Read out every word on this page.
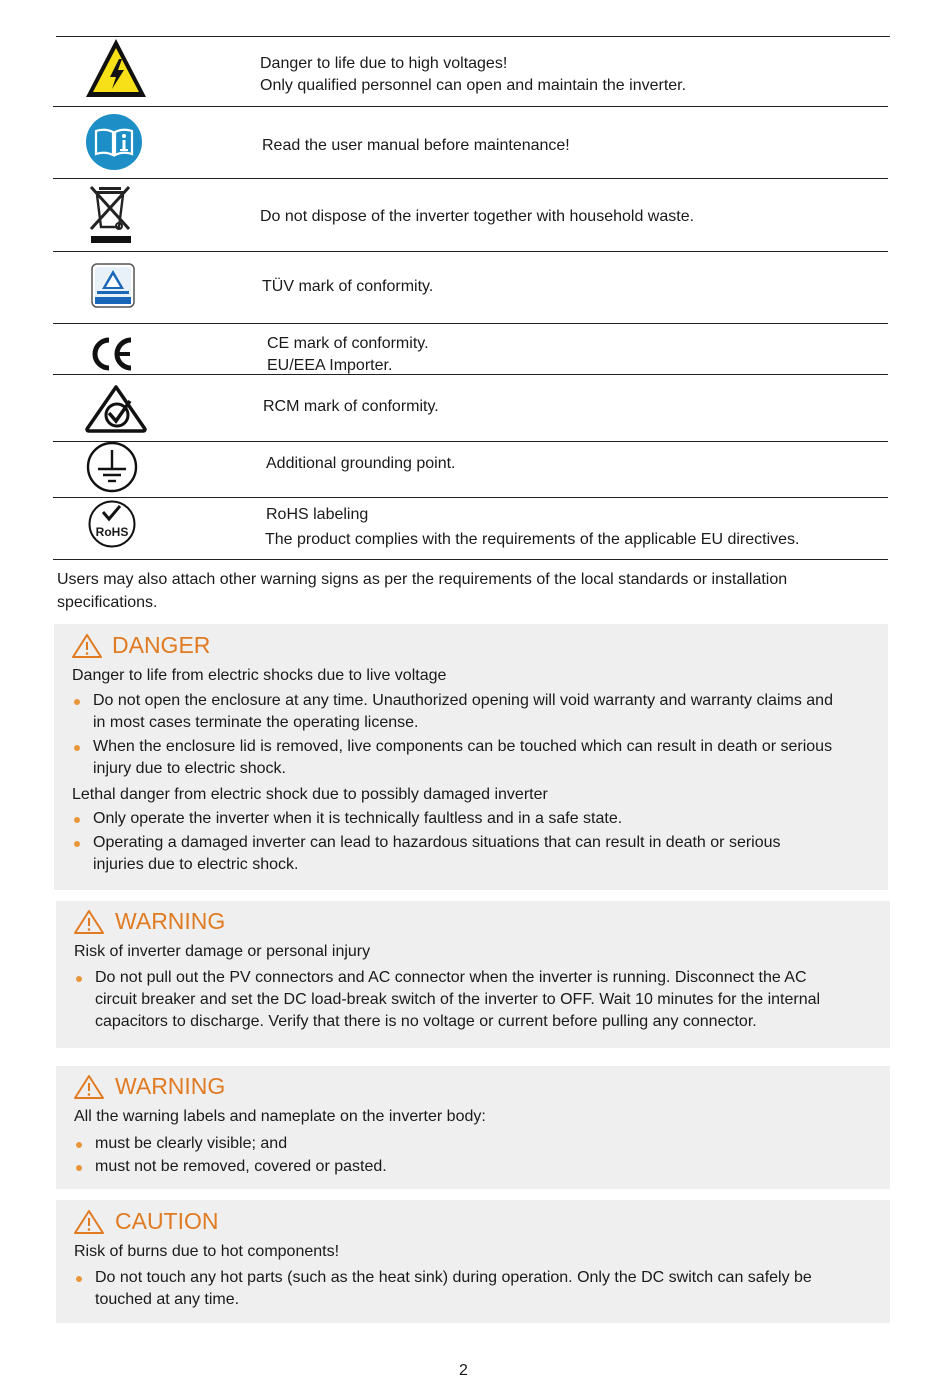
Danger to life due to high voltages!
Only qualified personnel can open and maintain the inverter.
Read the user manual before maintenance!
Do not dispose of the inverter together with household waste.
TÜV mark of conformity.
CE mark of conformity.
EU/EEA Importer.
RCM mark of conformity.
Additional grounding point.
RoHS
RoHS labeling
The product complies with the requirements of the applicable EU directives.
Users may also attach other warning signs as per the requirements of the local standards or installation
specifications.
DANGER
Danger to life from electric shocks due to live voltage
Do not open the enclosure at any time. Unauthorized opening will void warranty and warranty claims and
in most cases terminate the operating license.
When the enclosure lid is removed, live components can be touched which can result in death or serious
injury due to electric shock.
Lethal danger from electric shock due to possibly damaged inverter
Only operate the inverter when it is technically faultless and in a safe state.
Operating a damaged inverter can lead to hazardous situations that can result in death or serious
injuries due to electric shock.
WARNING
Risk of inverter damage or personal injury
Do not pull out the PV connectors and AC connector when the inverter is running. Disconnect the AC
circuit breaker and set the DC load-break switch of the inverter to OFF. Wait 10 minutes for the internal
capacitors to discharge. Verify that there is no voltage or current before pulling any connector.
WARNING
All the warning labels and nameplate on the inverter body:
must be clearly visible; and
must not be removed, covered or pasted.
CAUTION
Risk of burns due to hot components!
Do not touch any hot parts (such as the heat sink) during operation. Only the DC switch can safely be
touched at any time.
2
